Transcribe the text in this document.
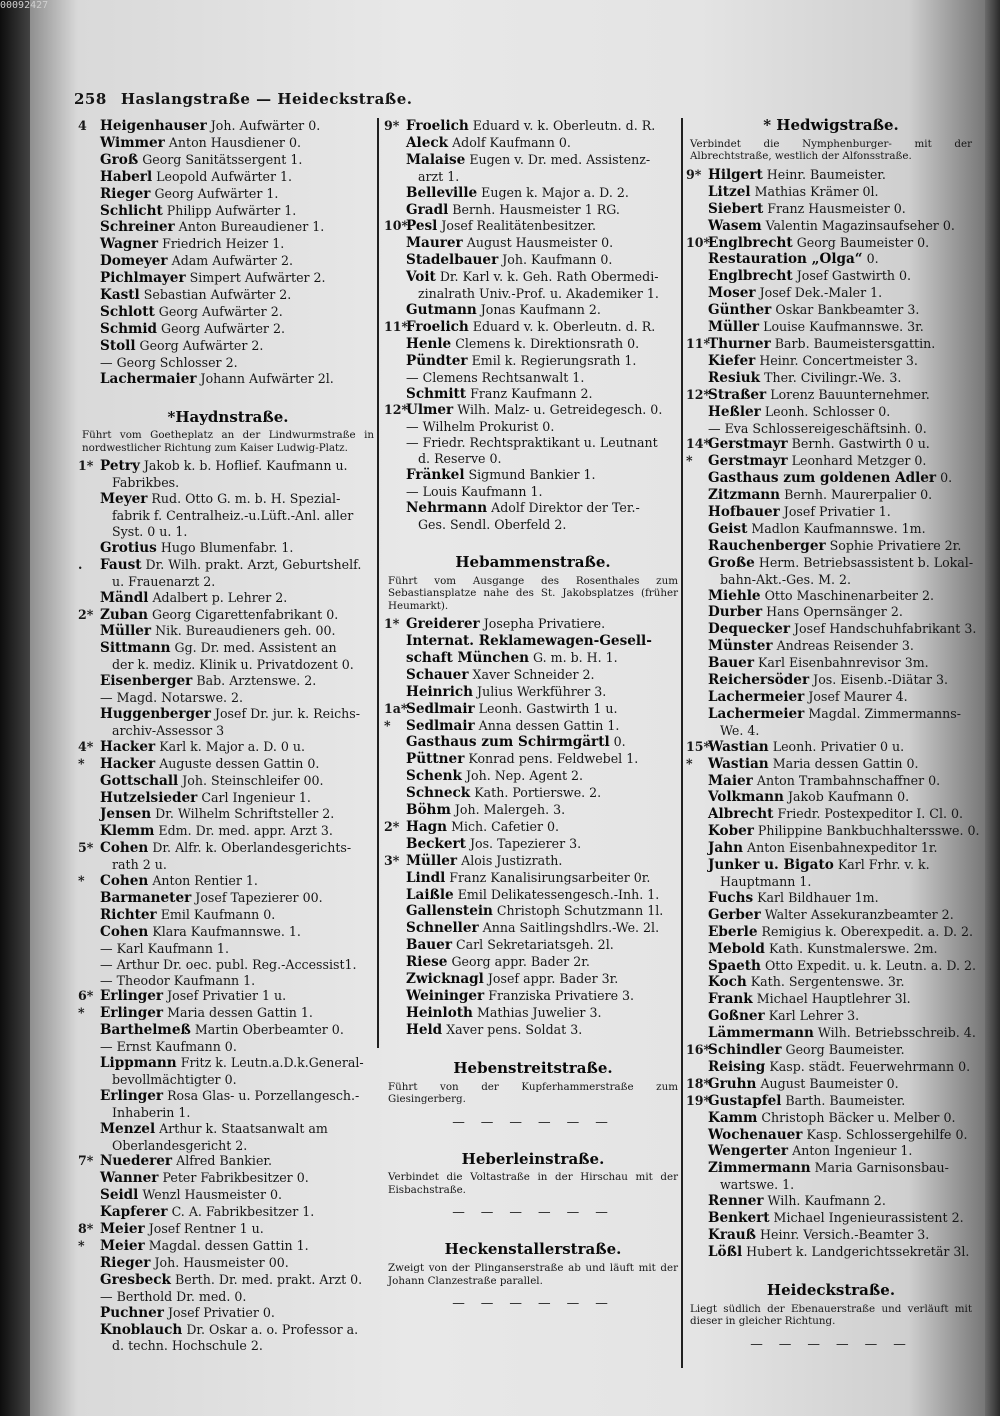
00092427
258 Haslangstraße — Heideckstraße.
4 Heigenhauser Joh. Aufwärter 0.
Wimmer Anton Hausdiener 0.
Groß Georg Sanitätssergent 1.
Haberl Leopold Aufwärter 1.
Rieger Georg Aufwärter 1.
Schlicht Philipp Aufwärter 1.
Schreiner Anton Bureaudiener 1.
Wagner Friedrich Heizer 1.
Domeyer Adam Aufwärter 2.
Pichlmayer Simpert Aufwärter 2.
Kastl Sebastian Aufwärter 2.
Schlott Georg Aufwärter 2.
Schmid Georg Aufwärter 2.
Stoll Georg Aufwärter 2.
— Georg Schlosser 2.
Lachermaier Johann Aufwärter 2l.
*Haydnstraße.
Führt vom Goetheplatz an der Lindwurmstraße in nordwestlicher Richtung zum Kaiser Ludwig-Platz.
1* Petry Jakob k. b. Hoflief. Kaufmann u.
Fabrikbes.
Meyer Rud. Otto G. m. b. H. Spezial-
fabrik f. Centralheiz.-u.Lüft.-Anl. aller
Syst. 0 u. 1.
Grotius Hugo Blumenfabr. 1.
. Faust Dr. Wilh. prakt. Arzt, Geburtshelf.
u. Frauenarzt 2.
Mändl Adalbert p. Lehrer 2.
2* Zuban Georg Cigarettenfabrikant 0.
Müller Nik. Bureaudieners geh. 00.
Sittmann Gg. Dr. med. Assistent an
der k. mediz. Klinik u. Privatdozent 0.
Eisenberger Bab. Arztenswe. 2.
— Magd. Notarswe. 2.
Huggenberger Josef Dr. jur. k. Reichs-
archiv-Assessor 3
4* Hacker Karl k. Major a. D. 0 u.
* Hacker Auguste dessen Gattin 0.
Gottschall Joh. Steinschleifer 00.
Hutzelsieder Carl Ingenieur 1.
Jensen Dr. Wilhelm Schriftsteller 2.
Klemm Edm. Dr. med. appr. Arzt 3.
5* Cohen Dr. Alfr. k. Oberlandesgerichts-
rath 2 u.
* Cohen Anton Rentier 1.
Barmaneter Josef Tapezierer 00.
Richter Emil Kaufmann 0.
Cohen Klara Kaufmannswe. 1.
— Karl Kaufmann 1.
— Arthur Dr. oec. publ. Reg.-Accessist1.
— Theodor Kaufmann 1.
6* Erlinger Josef Privatier 1 u.
* Erlinger Maria dessen Gattin 1.
Barthelmeß Martin Oberbeamter 0.
— Ernst Kaufmann 0.
Lippmann Fritz k. Leutn.a.D.k.General-
bevollmächtigter 0.
Erlinger Rosa Glas- u. Porzellangesch.-
Inhaberin 1.
Menzel Arthur k. Staatsanwalt am
Oberlandesgericht 2.
7* Nuederer Alfred Bankier.
Wanner Peter Fabrikbesitzer 0.
Seidl Wenzl Hausmeister 0.
Kapferer C. A. Fabrikbesitzer 1.
8* Meier Josef Rentner 1 u.
* Meier Magdal. dessen Gattin 1.
Rieger Joh. Hausmeister 00.
Gresbeck Berth. Dr. med. prakt. Arzt 0.
— Berthold Dr. med. 0.
Puchner Josef Privatier 0.
Knoblauch Dr. Oskar a. o. Professor a.
d. techn. Hochschule 2.
9* Froelich Eduard v. k. Oberleutn. d. R.
Aleck Adolf Kaufmann 0.
Malaise Eugen v. Dr. med. Assistenz-
arzt 1.
Belleville Eugen k. Major a. D. 2.
Gradl Bernh. Hausmeister 1 RG.
10*Pesl Josef Realitätenbesitzer.
Maurer August Hausmeister 0.
Stadelbauer Joh. Kaufmann 0.
Voit Dr. Karl v. k. Geh. Rath Obermedi-
zinalrath Univ.-Prof. u. Akademiker 1.
Gutmann Jonas Kaufmann 2.
11*Froelich Eduard v. k. Oberleutn. d. R.
Henle Clemens k. Direktionsrath 0.
Pündter Emil k. Regierungsrath 1.
— Clemens Rechtsanwalt 1.
Schmitt Franz Kaufmann 2.
12*Ulmer Wilh. Malz- u. Getreidegesch. 0.
— Wilhelm Prokurist 0.
— Friedr. Rechtspraktikant u. Leutnant
d. Reserve 0.
Fränkel Sigmund Bankier 1.
— Louis Kaufmann 1.
Nehrmann Adolf Direktor der Ter.-
Ges. Sendl. Oberfeld 2.
Hebammenstraße.
Führt vom Ausgange des Rosenthales zum Sebastiansplatze nahe des St. Jakobsplatzes (früher Heumarkt).
1* Greiderer Josepha Privatiere.
Internat. Reklamewagen-Gesell-
schaft München G. m. b. H. 1.
Schauer Xaver Schneider 2.
Heinrich Julius Werkführer 3.
1a*Sedlmair Leonh. Gastwirth 1 u.
* Sedlmair Anna dessen Gattin 1.
Gasthaus zum Schirmgärtl 0.
Püttner Konrad pens. Feldwebel 1.
Schenk Joh. Nep. Agent 2.
Schneck Kath. Portierswe. 2.
Böhm Joh. Malergeh. 3.
2* Hagn Mich. Cafetier 0.
Beckert Jos. Tapezierer 3.
3* Müller Alois Justizrath.
Lindl Franz Kanalisirungsarbeiter 0r.
Laißle Emil Delikatessengesch.-Inh. 1.
Gallenstein Christoph Schutzmann 1l.
Schneller Anna Saitlingshdlrs.-We. 2l.
Bauer Carl Sekretariatsgeh. 2l.
Riese Georg appr. Bader 2r.
Zwicknagl Josef appr. Bader 3r.
Weininger Franziska Privatiere 3.
Heinloth Mathias Juwelier 3.
Held Xaver pens. Soldat 3.
Hebenstreitstraße.
Führt von der Kupferhammerstraße zum Giesingerberg.
— — — — — —
Heberleinstraße.
Verbindet die Voltastraße in der Hirschau mit der Eisbachstraße.
— — — — — —
Heckenstallerstraße.
Zweigt von der Plinganserstraße ab und läuft mit der Johann Clanzestraße parallel.
— — — — — —
* Hedwigstraße.
Verbindet die Nymphenburger- mit der Albrechtstraße, westlich der Alfonsstraße.
9* Hilgert Heinr. Baumeister.
Litzel Mathias Krämer 0l.
Siebert Franz Hausmeister 0.
Wasem Valentin Magazinsaufseher 0.
10*Englbrecht Georg Baumeister 0.
Restauration „Olga“ 0.
Englbrecht Josef Gastwirth 0.
Moser Josef Dek.-Maler 1.
Günther Oskar Bankbeamter 3.
Müller Louise Kaufmannswe. 3r.
11*Thurner Barb. Baumeistersgattin.
Kiefer Heinr. Concertmeister 3.
Resiuk Ther. Civilingr.-We. 3.
12*Straßer Lorenz Bauunternehmer.
Heßler Leonh. Schlosser 0.
— Eva Schlossereigeschäftsinh. 0.
14*Gerstmayr Bernh. Gastwirth 0 u.
* Gerstmayr Leonhard Metzger 0.
Gasthaus zum goldenen Adler 0.
Zitzmann Bernh. Maurerpalier 0.
Hofbauer Josef Privatier 1.
Geist Madlon Kaufmannswe. 1m.
Rauchenberger Sophie Privatiere 2r.
Große Herm. Betriebsassistent b. Lokal-
bahn-Akt.-Ges. M. 2.
Miehle Otto Maschinenarbeiter 2.
Durber Hans Opernsänger 2.
Dequecker Josef Handschuhfabrikant 3.
Münster Andreas Reisender 3.
Bauer Karl Eisenbahnrevisor 3m.
Reichersöder Jos. Eisenb.-Diätar 3.
Lachermeier Josef Maurer 4.
Lachermeier Magdal. Zimmermanns-
We. 4.
15*Wastian Leonh. Privatier 0 u.
* Wastian Maria dessen Gattin 0.
Maier Anton Trambahnschaffner 0.
Volkmann Jakob Kaufmann 0.
Albrecht Friedr. Postexpeditor I. Cl. 0.
Kober Philippine Bankbuchhaltersswe. 0.
Jahn Anton Eisenbahnexpeditor 1r.
Junker u. Bigato Karl Frhr. v. k.
Hauptmann 1.
Fuchs Karl Bildhauer 1m.
Gerber Walter Assekuranzbeamter 2.
Eberle Remigius k. Oberexpedit. a. D. 2.
Mebold Kath. Kunstmalerswe. 2m.
Spaeth Otto Expedit. u. k. Leutn. a. D. 2.
Koch Kath. Sergentenswe. 3r.
Frank Michael Hauptlehrer 3l.
Goßner Karl Lehrer 3.
Lämmermann Wilh. Betriebsschreib. 4.
16*Schindler Georg Baumeister.
Reising Kasp. städt. Feuerwehrmann 0.
18*Gruhn August Baumeister 0.
19*Gustapfel Barth. Baumeister.
Kamm Christoph Bäcker u. Melber 0.
Wochenauer Kasp. Schlossergehilfe 0.
Wengerter Anton Ingenieur 1.
Zimmermann Maria Garnisonsbau-
wartswe. 1.
Renner Wilh. Kaufmann 2.
Benkert Michael Ingenieurassistent 2.
Krauß Heinr. Versich.-Beamter 3.
Lößl Hubert k. Landgerichtssekretär 3l.
Heideckstraße.
Liegt südlich der Ebenauerstraße und verläuft mit dieser in gleicher Richtung.
— — — — — —
